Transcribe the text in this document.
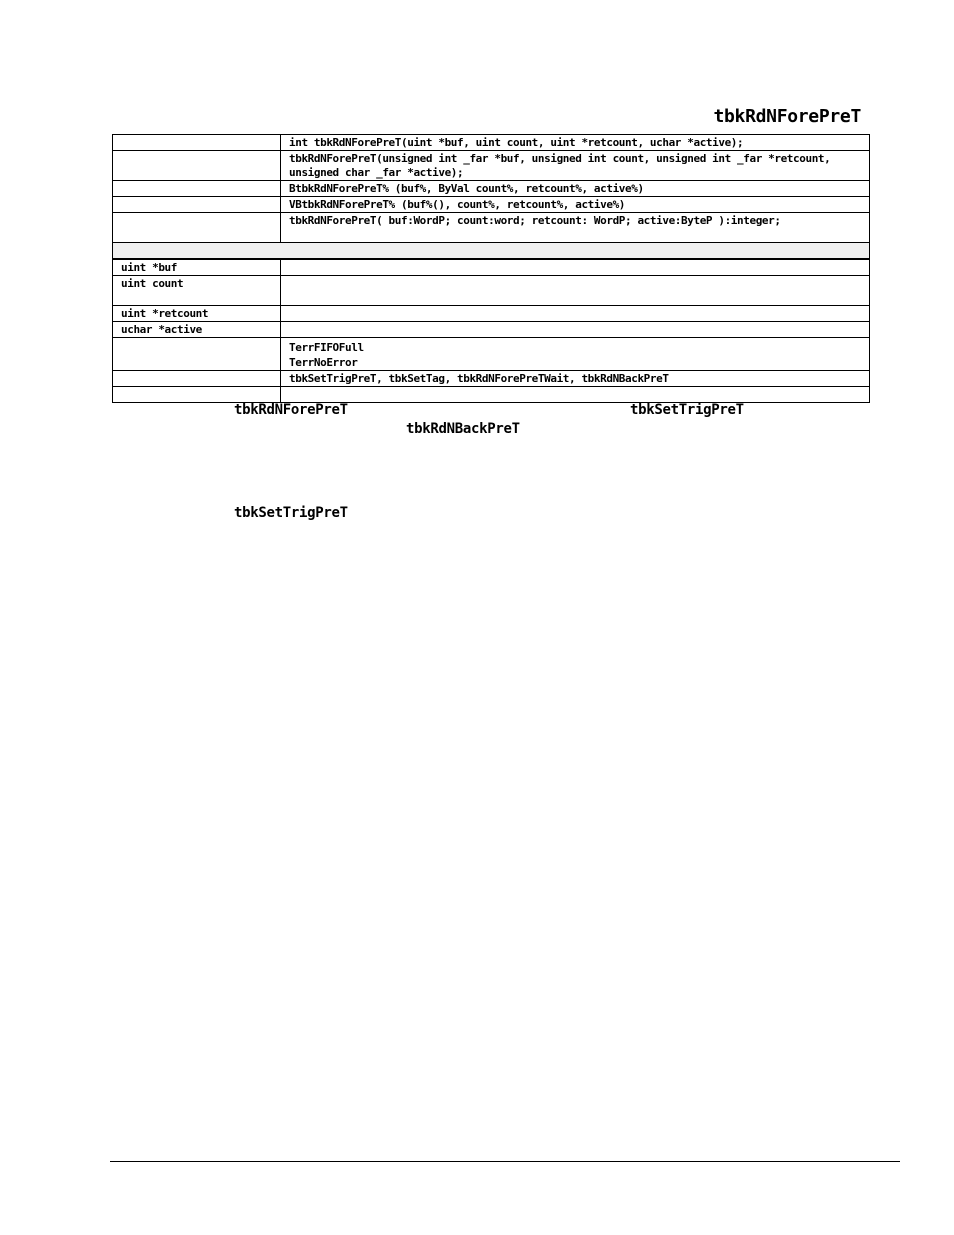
tbkRdNForePreT
	int tbkRdNForePreT(uint *buf, uint count, uint *retcount, uchar *active);
	tbkRdNForePreT(unsigned int _far *buf, unsigned int count, unsigned int _far *retcount, unsigned char _far *active);
	BtbkRdNForePreT% (buf%, ByVal count%, retcount%, active%)
	VBtbkRdNForePreT% (buf%(), count%, retcount%, active%)
	tbkRdNForePreT( buf:WordP; count:word; retcount: WordP; active:ByteP ):integer;

uint *buf	
uint count	
uint *retcount	
uchar *active	

	TerrFIFOFull
TerrNoError

	tbkSetTrigPreT, tbkSetTag, tbkRdNForePreTWait, tbkRdNBackPreT

tbkRdNForePreT	tbkSetTrigPreT
tbkRdNBackPreT
tbkSetTrigPreT
